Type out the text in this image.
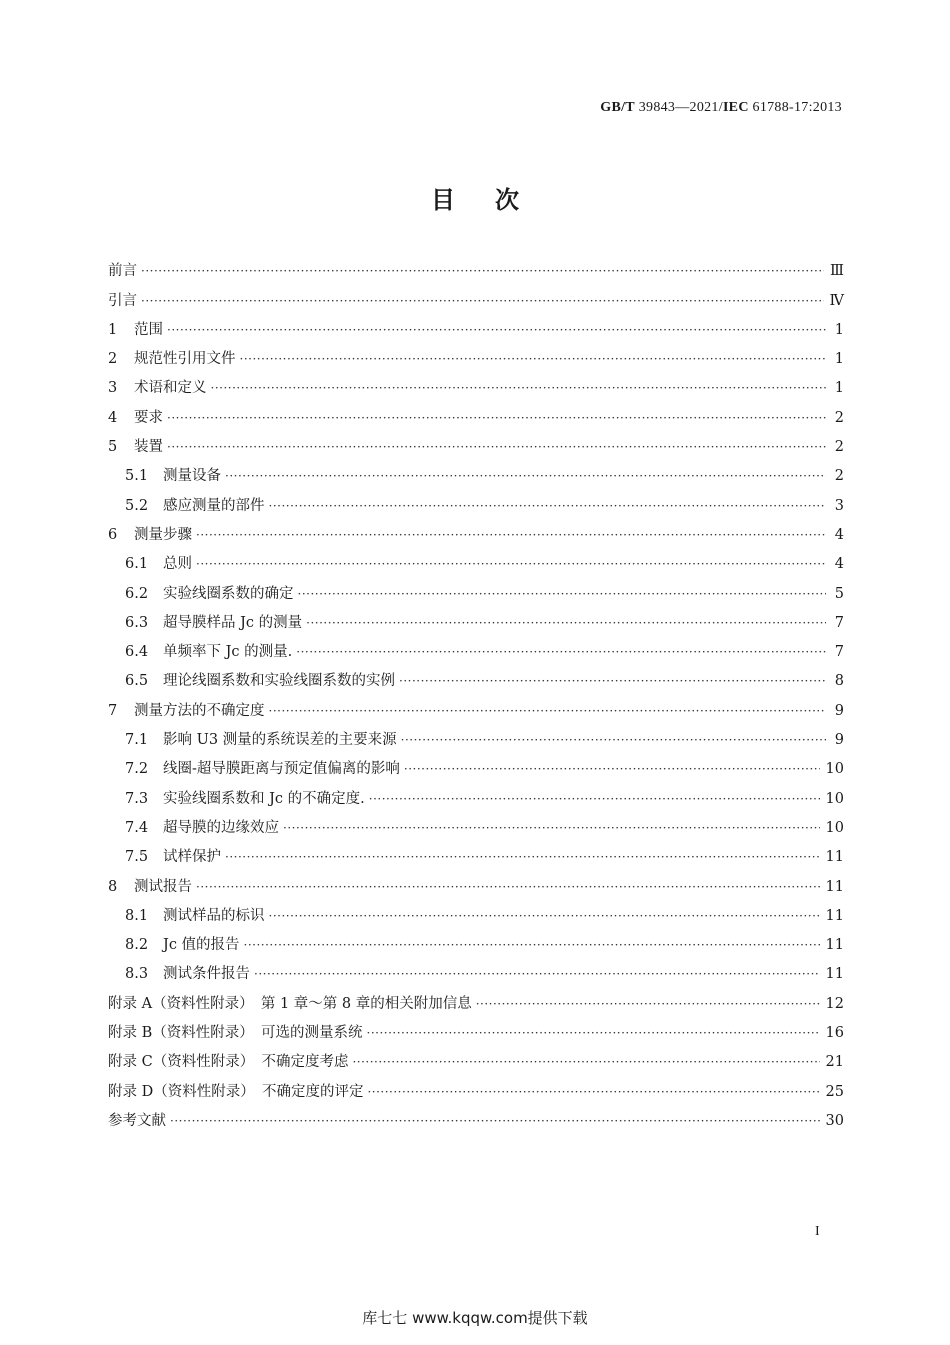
GB/T 39843—2021/IEC 61788-17:2013
目次
前言 ·····	Ⅲ
引言 ·····	Ⅳ
1	范围 ·····	1
2	规范性引用文件 ·····	1
3	术语和定义 ·····	1
4	要求 ·····	2
5	装置 ·····	2
5.1	测量设备 ·····	2
5.2	感应测量的部件 ·····	3
6	测量步骤 ·····	4
6.1	总则 ·····	4
6.2	实验线圈系数的确定 ·····	5
6.3	超导膜样品 Jc 的测量 ·····	7
6.4	单频率下 Jc 的测量. ·····	7
6.5	理论线圈系数和实验线圈系数的实例 ·····	8
7	测量方法的不确定度 ·····	9
7.1	影响 U3 测量的系统误差的主要来源 ·····	9
7.2	线圈-超导膜距离与预定值偏离的影响 ·····	10
7.3	实验线圈系数和 Jc 的不确定度. ·····	10
7.4	超导膜的边缘效应 ·····	10
7.5	试样保护 ·····	11
8	测试报告 ·····	11
8.1	测试样品的标识 ·····	11
8.2	Jc 值的报告 ·····	11
8.3	测试条件报告 ·····	11
附录 A（资料性附录）　第 1 章～第 8 章的相关附加信息 ·····	12
附录 B（资料性附录）　可选的测量系统 ·····	16
附录 C（资料性附录）　不确定度考虑 ·····	21
附录 D（资料性附录）　不确定度的评定 ·····	25
参考文献 ·····	30
I
库七七 www.kqqw.com提供下载
